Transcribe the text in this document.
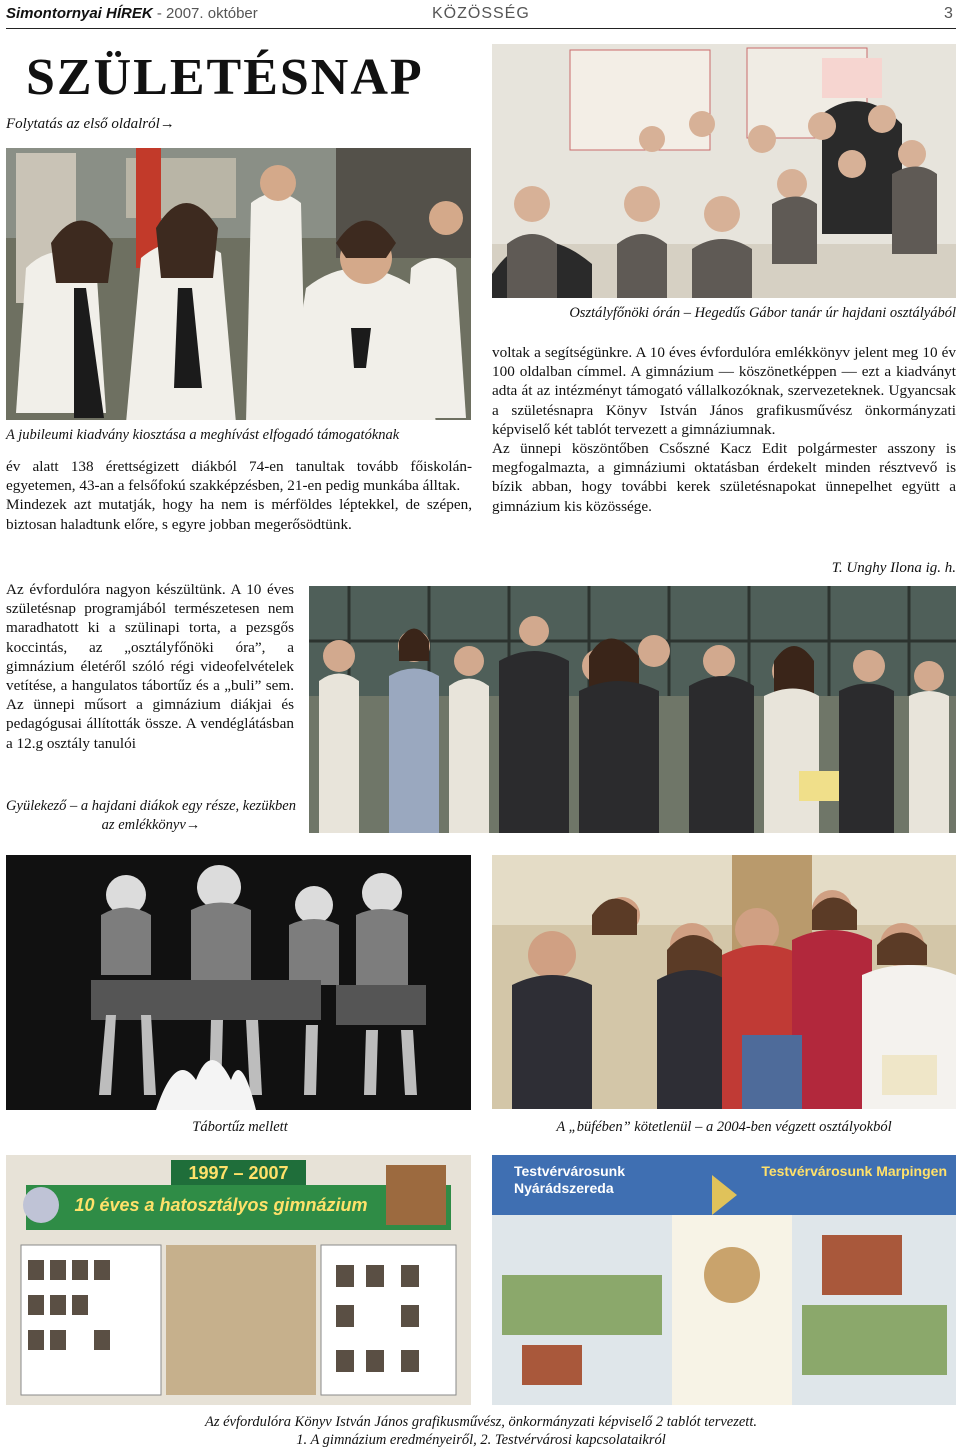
Simontornyai HÍREK - 2007. október	KÖZÖSSÉG	3
SZÜLETÉSNAP
Folytatás az első oldalról→
A jubileumi kiadvány kiosztása a meghívást elfogadó támogatóknak
Osztályfőnöki órán – Hegedűs Gábor tanár úr hajdani osztályából

év alatt 138 érettségizett diákból 74-en tanultak tovább főiskolán-egyetemen, 43-an a felsőfokú szakképzésben, 21-en pedig munkába álltak.

Mindezek azt mutatják, hogy ha nem is mérföldes léptekkel, de szépen, biztosan haladtunk előre, s egyre jobban megerősödtünk.

Az évfordulóra nagyon készültünk. A 10 éves születésnap programjából természetesen nem maradhatott ki a szülinapi torta, a pezsgős koccintás, az „osztályfőnöki óra”, a gimnázium életéről szóló régi videofelvételek vetítése, a hangulatos tábortűz és a „buli” sem. Az ünnepi műsort a gimnázium diákjai és pedagógusai állították össze. A vendéglátásban a 12.g osztály tanulói

voltak a segítségünkre. A 10 éves évfordulóra emlékkönyv jelent meg 10 év 100 oldalban címmel. A gimnázium — köszönetképpen — ezt a kiadványt adta át az intézményt támogató vállalkozóknak, szervezeteknek. Ugyancsak a születésnapra Könyv István János grafikusművész önkormányzati képviselő két tablót tervezett a gimnáziumnak.

Az ünnepi köszöntőben Csőszné Kacz Edit polgármester asszony is megfogalmazta, a gimnáziumi oktatásban érdekelt minden résztvevő is bízik abban, hogy további kerek születésnapokat ünnepelhet együtt a gimnázium kis közössége.

T. Unghy Ilona ig. h.
Gyülekező – a hajdani diákok egy része, kezükben az emlékkönyv→
Tábortűz mellett	A „büfében” kötetlenül – a 2004-ben végzett osztályokból
1997 – 2007
10 éves a hatosztályos gimnázium
Testvérvárosunk Nyárádszereda
Testvérvárosunk Marpingen
Az évfordulóra Könyv István János grafikusművész, önkormányzati képviselő 2 tablót tervezett.
1. A gimnázium eredményeiről, 2. Testvérvárosi kapcsolataikról
